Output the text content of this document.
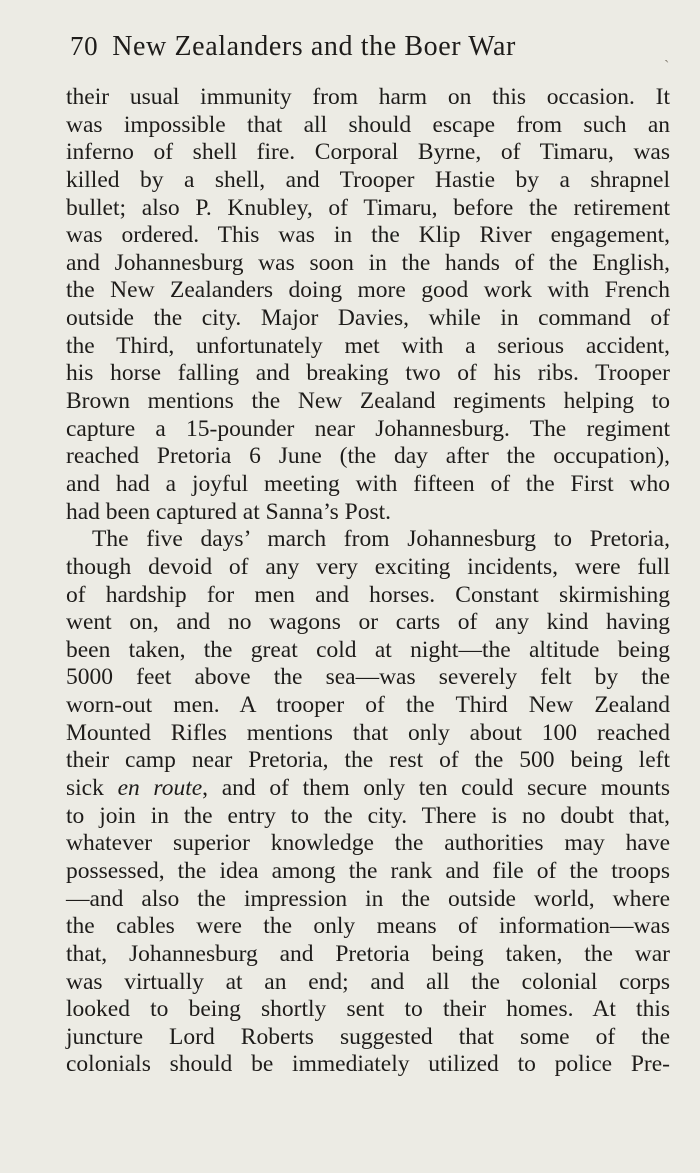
70 New Zealanders and the Boer War
`
their usual immunity from harm on this occasion. It
was impossible that all should escape from such an
inferno of shell fire. Corporal Byrne, of Timaru, was
killed by a shell, and Trooper Hastie by a shrapnel
bullet; also P. Knubley, of Timaru, before the retirement
was ordered. This was in the Klip River engagement,
and Johannesburg was soon in the hands of the English,
the New Zealanders doing more good work with French
outside the city. Major Davies, while in command of
the Third, unfortunately met with a serious accident,
his horse falling and breaking two of his ribs. Trooper
Brown mentions the New Zealand regiments helping to
capture a 15-pounder near Johannesburg. The regiment
reached Pretoria 6 June (the day after the occupation),
and had a joyful meeting with fifteen of the First who
had been captured at Sanna’s Post.
The five days’ march from Johannesburg to Pretoria,
though devoid of any very exciting incidents, were full
of hardship for men and horses. Constant skirmishing
went on, and no wagons or carts of any kind having
been taken, the great cold at night—the altitude being
5000 feet above the sea—was severely felt by the
worn-out men. A trooper of the Third New Zealand
Mounted Rifles mentions that only about 100 reached
their camp near Pretoria, the rest of the 500 being left
sick en route, and of them only ten could secure mounts
to join in the entry to the city. There is no doubt that,
whatever superior knowledge the authorities may have
possessed, the idea among the rank and file of the troops
—and also the impression in the outside world, where
the cables were the only means of information—was
that, Johannesburg and Pretoria being taken, the war
was virtually at an end; and all the colonial corps
looked to being shortly sent to their homes. At this
juncture Lord Roberts suggested that some of the
colonials should be immediately utilized to police Pre-
